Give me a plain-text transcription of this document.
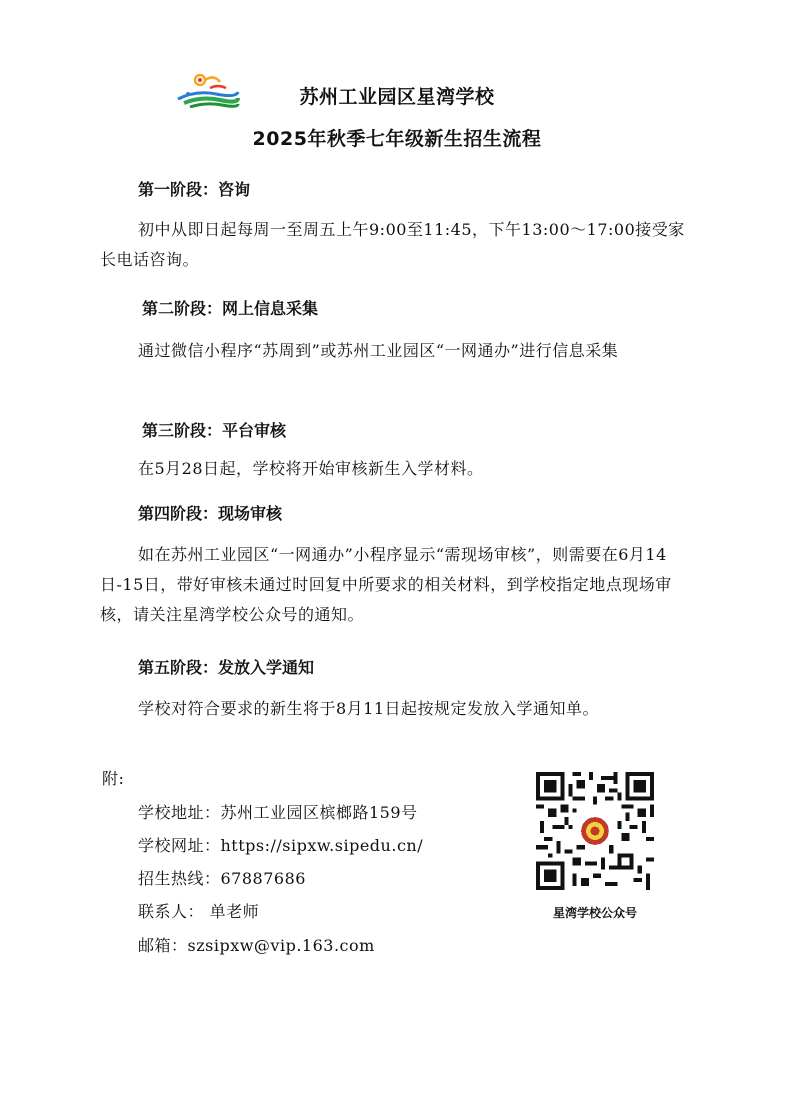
苏州工业园区星湾学校
2025年秋季七年级新生招生流程
第一阶段：咨询
初中从即日起每周一至周五上午9:00至11:45，下午13:00～17:00接受家长电话咨询。
第二阶段：网上信息采集
通过微信小程序“苏周到”或苏州工业园区“一网通办”进行信息采集
第三阶段：平台审核
在5月28日起，学校将开始审核新生入学材料。
第四阶段：现场审核
如在苏州工业园区“一网通办”小程序显示“需现场审核”，则需要在6月14日-15日，带好审核未通过时回复中所要求的相关材料，到学校指定地点现场审核，请关注星湾学校公众号的通知。
第五阶段：发放入学通知
学校对符合要求的新生将于8月11日起按规定发放入学通知单。
附:
学校地址：苏州工业园区槟榔路159号
学校网址：https://sipxw.sipedu.cn/
招生热线：67887686
联系人： 单老师
邮箱：szsipxw@vip.163.com
星湾学校公众号
